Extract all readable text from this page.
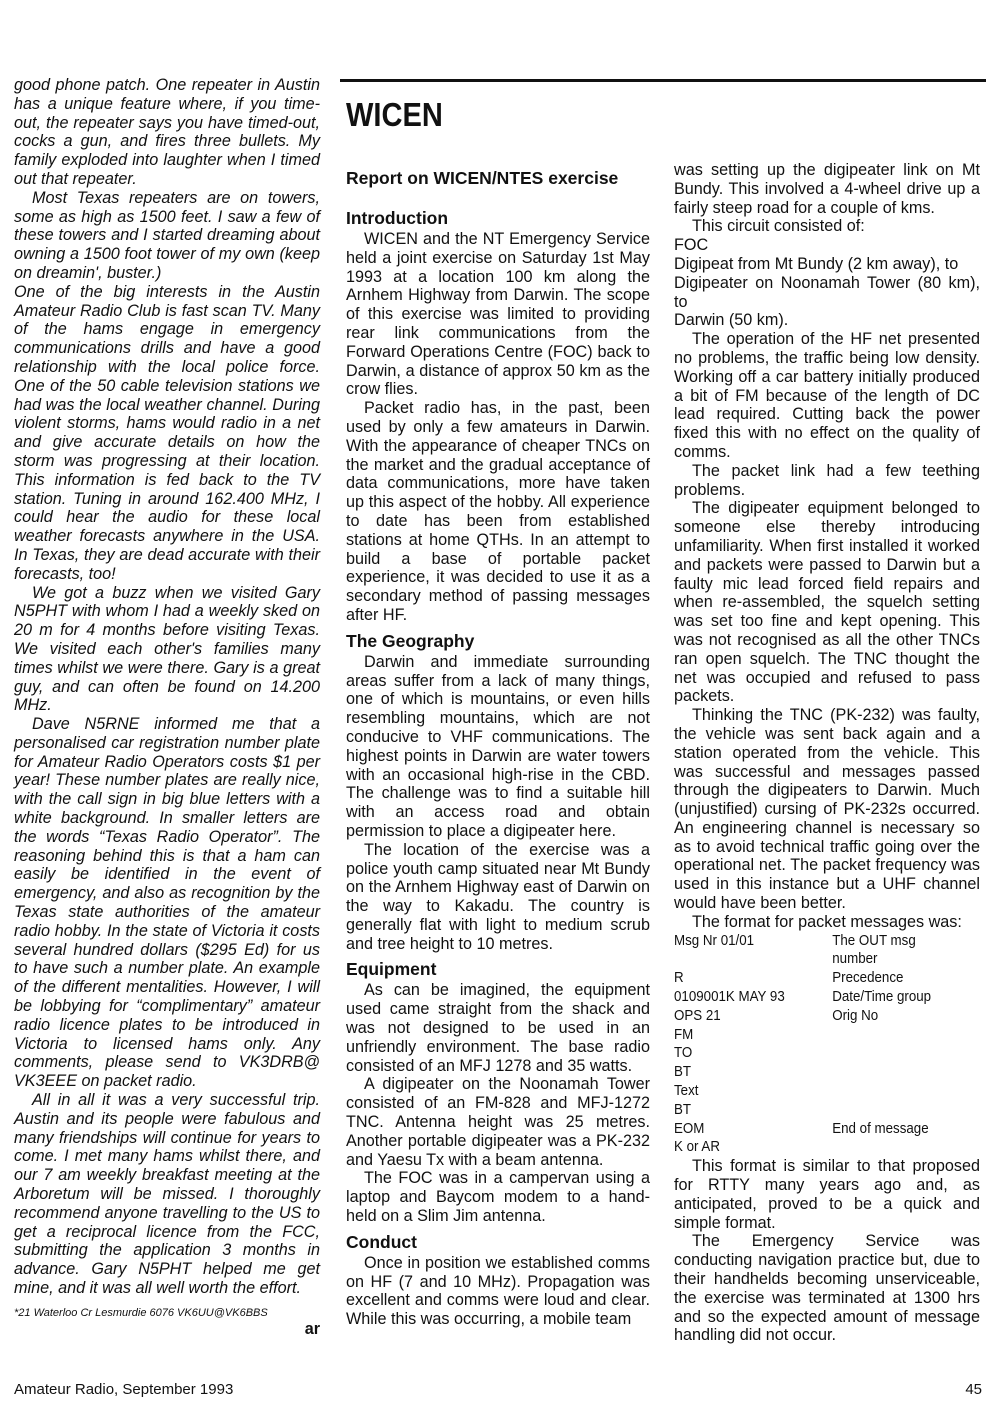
good phone patch. One repeater in Austin has a unique feature where, if you time-out, the repeater says you have timed-out, cocks a gun, and fires three bullets. My family exploded into laughter when I timed out that repeater.

Most Texas repeaters are on towers, some as high as 1500 feet. I saw a few of these towers and I started dreaming about owning a 1500 foot tower of my own (keep on dreamin', buster.)

One of the big interests in the Austin Amateur Radio Club is fast scan TV. Many of the hams engage in emergency communications drills and have a good relationship with the local police force. One of the 50 cable television stations we had was the local weather channel. During violent storms, hams would radio in a net and give accurate details on how the storm was progressing at their location. This information is fed back to the TV station. Tuning in around 162.400 MHz, I could hear the audio for these local weather forecasts anywhere in the USA. In Texas, they are dead accurate with their forecasts, too!

We got a buzz when we visited Gary N5PHT with whom I had a weekly sked on 20 m for 4 months before visiting Texas. We visited each other's families many times whilst we were there. Gary is a great guy, and can often be found on 14.200 MHz.

Dave N5RNE informed me that a personalised car registration number plate for Amateur Radio Operators costs $1 per year! These number plates are really nice, with the call sign in big blue letters with a white background. In smaller letters are the words “Texas Radio Operator”. The reasoning behind this is that a ham can easily be identified in the event of emergency, and also as recognition by the Texas state authorities of the amateur radio hobby. In the state of Victoria it costs several hundred dollars ($295 Ed) for us to have such a number plate. An example of the different mentalities. However, I will be lobbying for “complimentary” amateur radio licence plates to be introduced in Victoria to licensed hams only. Any comments, please send to VK3DRB@ VK3EEE on packet radio.

All in all it was a very successful trip. Austin and its people were fabulous and many friendships will continue for years to come. I met many hams whilst there, and our 7 am weekly breakfast meeting at the Arboretum will be missed. I thoroughly recommend anyone travelling to the US to get a reciprocal licence from the FCC, submitting the application 3 months in advance. Gary N5PHT helped me get mine, and it was all well worth the effort.

*21 Waterloo Cr Lesmurdie 6076 VK6UU@VK6BBS

ar

WICEN
Report on WICEN/NTES exercise
Introduction

WICEN and the NT Emergency Service held a joint exercise on Saturday 1st May 1993 at a location 100 km along the Arnhem Highway from Darwin. The scope of this exercise was limited to providing rear link communications from the Forward Operations Centre (FOC) back to Darwin, a distance of approx 50 km as the crow flies.

Packet radio has, in the past, been used by only a few amateurs in Darwin. With the appearance of cheaper TNCs on the market and the gradual acceptance of data communications, more have taken up this aspect of the hobby. All experience to date has been from established stations at home QTHs. In an attempt to build a base of portable packet experience, it was decided to use it as a secondary method of passing messages after HF.

The Geography

Darwin and immediate surrounding areas suffer from a lack of many things, one of which is mountains, or even hills resembling mountains, which are not conducive to VHF communications. The highest points in Darwin are water towers with an occasional high-rise in the CBD. The challenge was to find a suitable hill with an access road and obtain permission to place a digipeater here.

The location of the exercise was a police youth camp situated near Mt Bundy on the Arnhem Highway east of Darwin on the way to Kakadu. The country is generally flat with light to medium scrub and tree height to 10 metres.

Equipment

As can be imagined, the equipment used came straight from the shack and was not designed to be used in an unfriendly environment. The base radio consisted of an MFJ 1278 and 35 watts.

A digipeater on the Noonamah Tower consisted of an FM-828 and MFJ-1272 TNC. Antenna height was 25 metres. Another portable digipeater was a PK-232 and Yaesu Tx with a beam antenna.

The FOC was in a campervan using a laptop and Baycom modem to a hand-held on a Slim Jim antenna.

Conduct

Once in position we established comms on HF (7 and 10 MHz). Propagation was excellent and comms were loud and clear. While this was occurring, a mobile team

was setting up the digipeater link on Mt Bundy. This involved a 4-wheel drive up a fairly steep road for a couple of kms.

This circuit consisted of:

FOC

Digipeat from Mt Bundy (2 km away), to

Digipeater on Noonamah Tower (80 km), to

Darwin (50 km).

The operation of the HF net presented no problems, the traffic being low density. Working off a car battery initially produced a bit of FM because of the length of DC lead required. Cutting back the power fixed this with no effect on the quality of comms.

The packet link had a few teething problems.

The digipeater equipment belonged to someone else thereby introducing unfamiliarity. When first installed it worked and packets were passed to Darwin but a faulty mic lead forced field repairs and when re-assembled, the squelch setting was set too fine and kept opening. This was not recognised as all the other TNCs ran open squelch. The TNC thought the net was occupied and refused to pass packets.

Thinking the TNC (PK-232) was faulty, the vehicle was sent back again and a station operated from the vehicle. This was successful and messages passed through the digipeaters to Darwin. Much (unjustified) cursing of PK-232s occurred. An engineering channel is necessary so as to avoid technical traffic going over the operational net. The packet frequency was used in this instance but a UHF channel would have been better.

The format for packet messages was:

Msg Nr 01/01	The OUT msg number
R	Precedence
0109001K MAY 93	Date/Time group
OPS 21	Orig No
FM
TO
BT
Text
BT
EOM	End of message
K or AR

This format is similar to that proposed for RTTY many years ago and, as anticipated, proved to be a quick and simple format.

The Emergency Service was conducting navigation practice but, due to their handhelds becoming unserviceable, the exercise was terminated at 1300 hrs and so the expected amount of message handling did not occur.

Amateur Radio, September 1993	45
